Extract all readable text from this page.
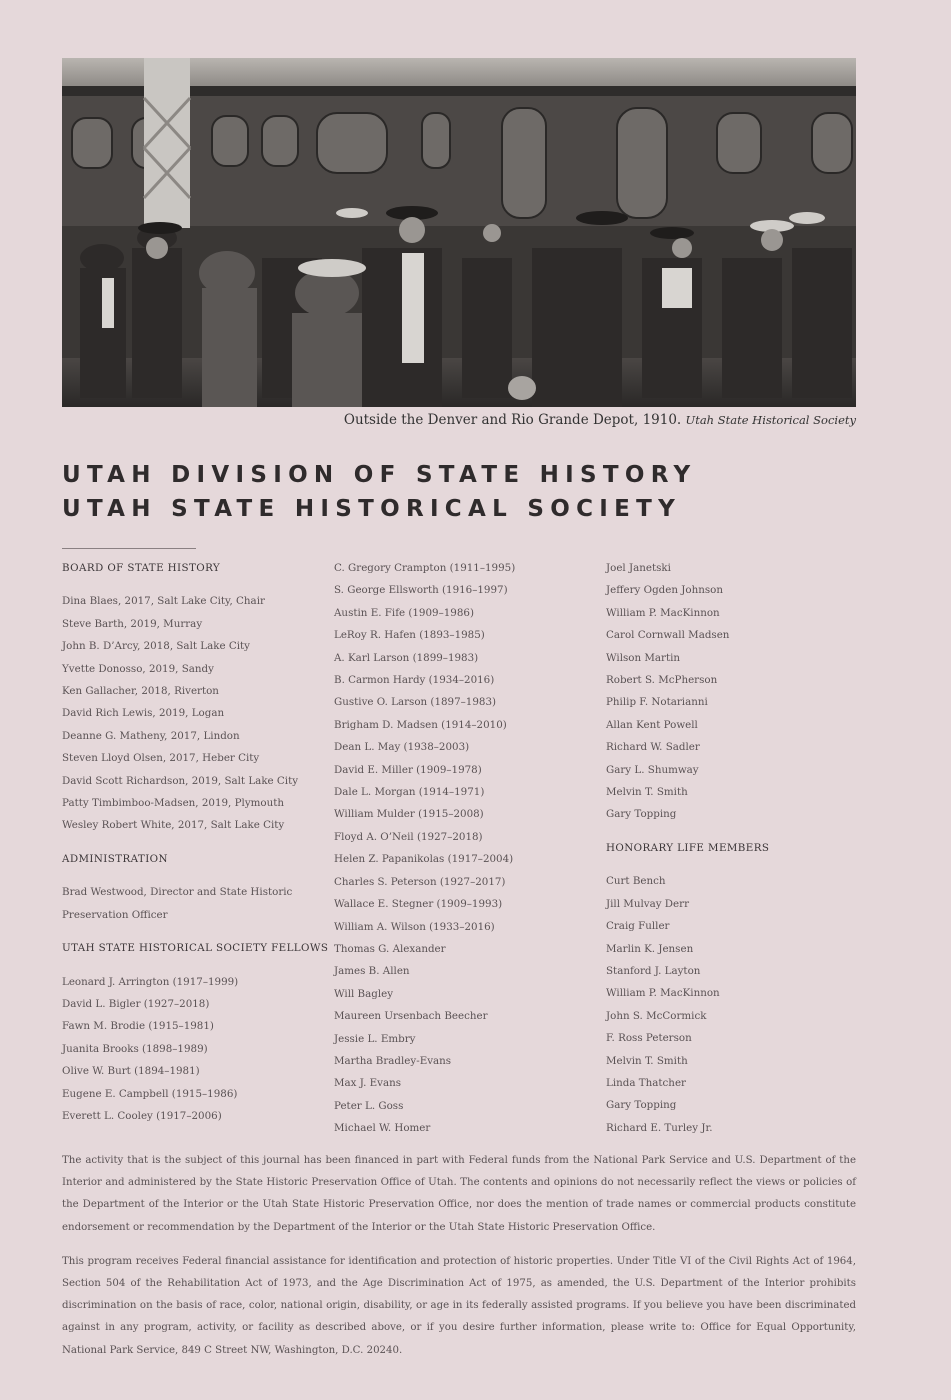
Outside the Denver and Rio Grande Depot, 1910. Utah State Historical Society
UTAH DIVISION OF STATE HISTORY
UTAH STATE HISTORICAL SOCIETY
BOARD OF STATE HISTORY
Dina Blaes, 2017, Salt Lake City, Chair
Steve Barth, 2019, Murray
John B. D’Arcy, 2018, Salt Lake City
Yvette Donosso, 2019, Sandy
Ken Gallacher, 2018, Riverton
David Rich Lewis, 2019, Logan
Deanne G. Matheny, 2017, Lindon
Steven Lloyd Olsen, 2017, Heber City
David Scott Richardson, 2019, Salt Lake City
Patty Timbimboo-Madsen, 2019, Plymouth
Wesley Robert White, 2017, Salt Lake City
ADMINISTRATION
Brad Westwood, Director and State Historic
Preservation Officer
UTAH STATE HISTORICAL SOCIETY FELLOWS
Leonard J. Arrington (1917–1999)
David L. Bigler (1927–2018)
Fawn M. Brodie (1915–1981)
Juanita Brooks (1898–1989)
Olive W. Burt (1894–1981)
Eugene E. Campbell (1915–1986)
Everett L. Cooley (1917–2006)
C. Gregory Crampton (1911–1995)
S. George Ellsworth (1916–1997)
Austin E. Fife (1909–1986)
LeRoy R. Hafen (1893–1985)
A. Karl Larson (1899–1983)
B. Carmon Hardy (1934–2016)
Gustive O. Larson (1897–1983)
Brigham D. Madsen (1914–2010)
Dean L. May (1938–2003)
David E. Miller (1909–1978)
Dale L. Morgan (1914–1971)
William Mulder (1915–2008)
Floyd A. O’Neil (1927–2018)
Helen Z. Papanikolas (1917–2004)
Charles S. Peterson (1927–2017)
Wallace E. Stegner (1909–1993)
William A. Wilson (1933–2016)
Thomas G. Alexander
James B. Allen
Will Bagley
Maureen Ursenbach Beecher
Jessie L. Embry
Martha Bradley-Evans
Max J. Evans
Peter L. Goss
Michael W. Homer
Joel Janetski
Jeffery Ogden Johnson
William P. MacKinnon
Carol Cornwall Madsen
Wilson Martin
Robert S. McPherson
Philip F. Notarianni
Allan Kent Powell
Richard W. Sadler
Gary L. Shumway
Melvin T. Smith
Gary Topping
HONORARY LIFE MEMBERS
Curt Bench
Jill Mulvay Derr
Craig Fuller
Marlin K. Jensen
Stanford J. Layton
William P. MacKinnon
John S. McCormick
F. Ross Peterson
Melvin T. Smith
Linda Thatcher
Gary Topping
Richard E. Turley Jr.

The activity that is the subject of this journal has been financed in part with Federal funds from the National Park Service and U.S. Department of the Interior and administered by the State Historic Preservation Office of Utah. The contents and opinions do not necessarily reflect the views or policies of the Department of the Interior or the Utah State Historic Preservation Office, nor does the mention of trade names or commercial products constitute endorsement or recommendation by the Department of the Interior or the Utah State Historic Preservation Office.

This program receives Federal financial assistance for identification and protection of historic properties. Under Title VI of the Civil Rights Act of 1964, Section 504 of the Rehabilitation Act of 1973, and the Age Discrimination Act of 1975, as amended, the U.S. Department of the Interior prohibits discrimination on the basis of race, color, national origin, disability, or age in its federally assisted programs. If you believe you have been discriminated against in any program, activity, or facility as described above, or if you desire further information, please write to: Office for Equal Opportunity, National Park Service, 849 C Street NW, Washington, D.C. 20240.
